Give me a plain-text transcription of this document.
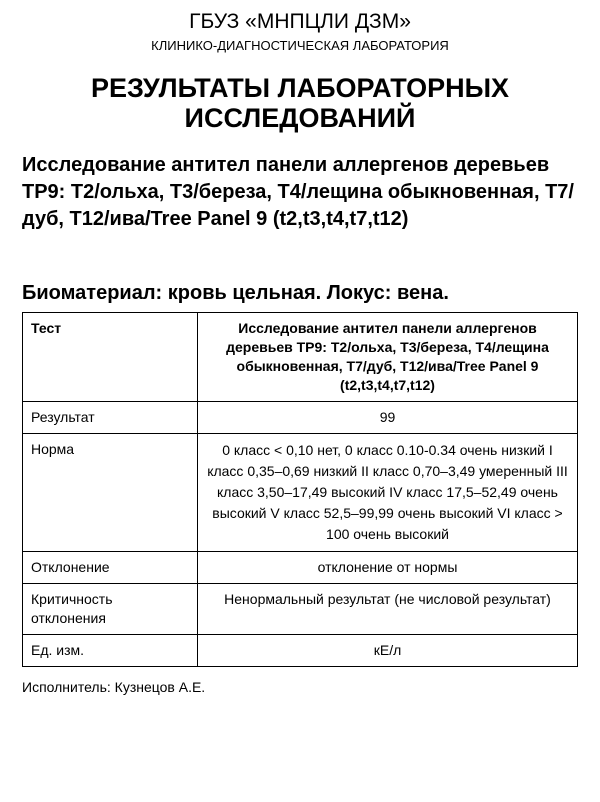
ГБУЗ «МНПЦЛИ ДЗМ»
КЛИНИКО-ДИАГНОСТИЧЕСКАЯ ЛАБОРАТОРИЯ
РЕЗУЛЬТАТЫ ЛАБОРАТОРНЫХ
ИССЛЕДОВАНИЙ
Исследование антител панели аллергенов деревьев TP9: T2/ольха, T3/береза, T4/лещина обыкновенная, T7/дуб, T12/ива/Tree Panel 9 (t2,t3,t4,t7,t12)
Биоматериал: кровь цельная. Локус: вена.
Тест	Исследование антител панели аллергенов деревьев TP9: T2/ольха, T3/береза, T4/лещина обыкновенная, T7/дуб, T12/ива/Tree Panel 9 (t2,t3,t4,t7,t12)
Результат	99
Норма	0 класс < 0,10 нет, 0 класс 0.10-0.34 очень низкий I класс 0,35–0,69 низкий II класс 0,70–3,49 умеренный III класс 3,50–17,49 высокий IV класс 17,5–52,49 очень высокий V класс 52,5–99,99 очень высокий VI класс > 100 очень высокий
Отклонение	отклонение от нормы
Критичность отклонения	Ненормальный результат (не числовой результат)
Ед. изм.	кЕ/л
Исполнитель: Кузнецов А.Е.
